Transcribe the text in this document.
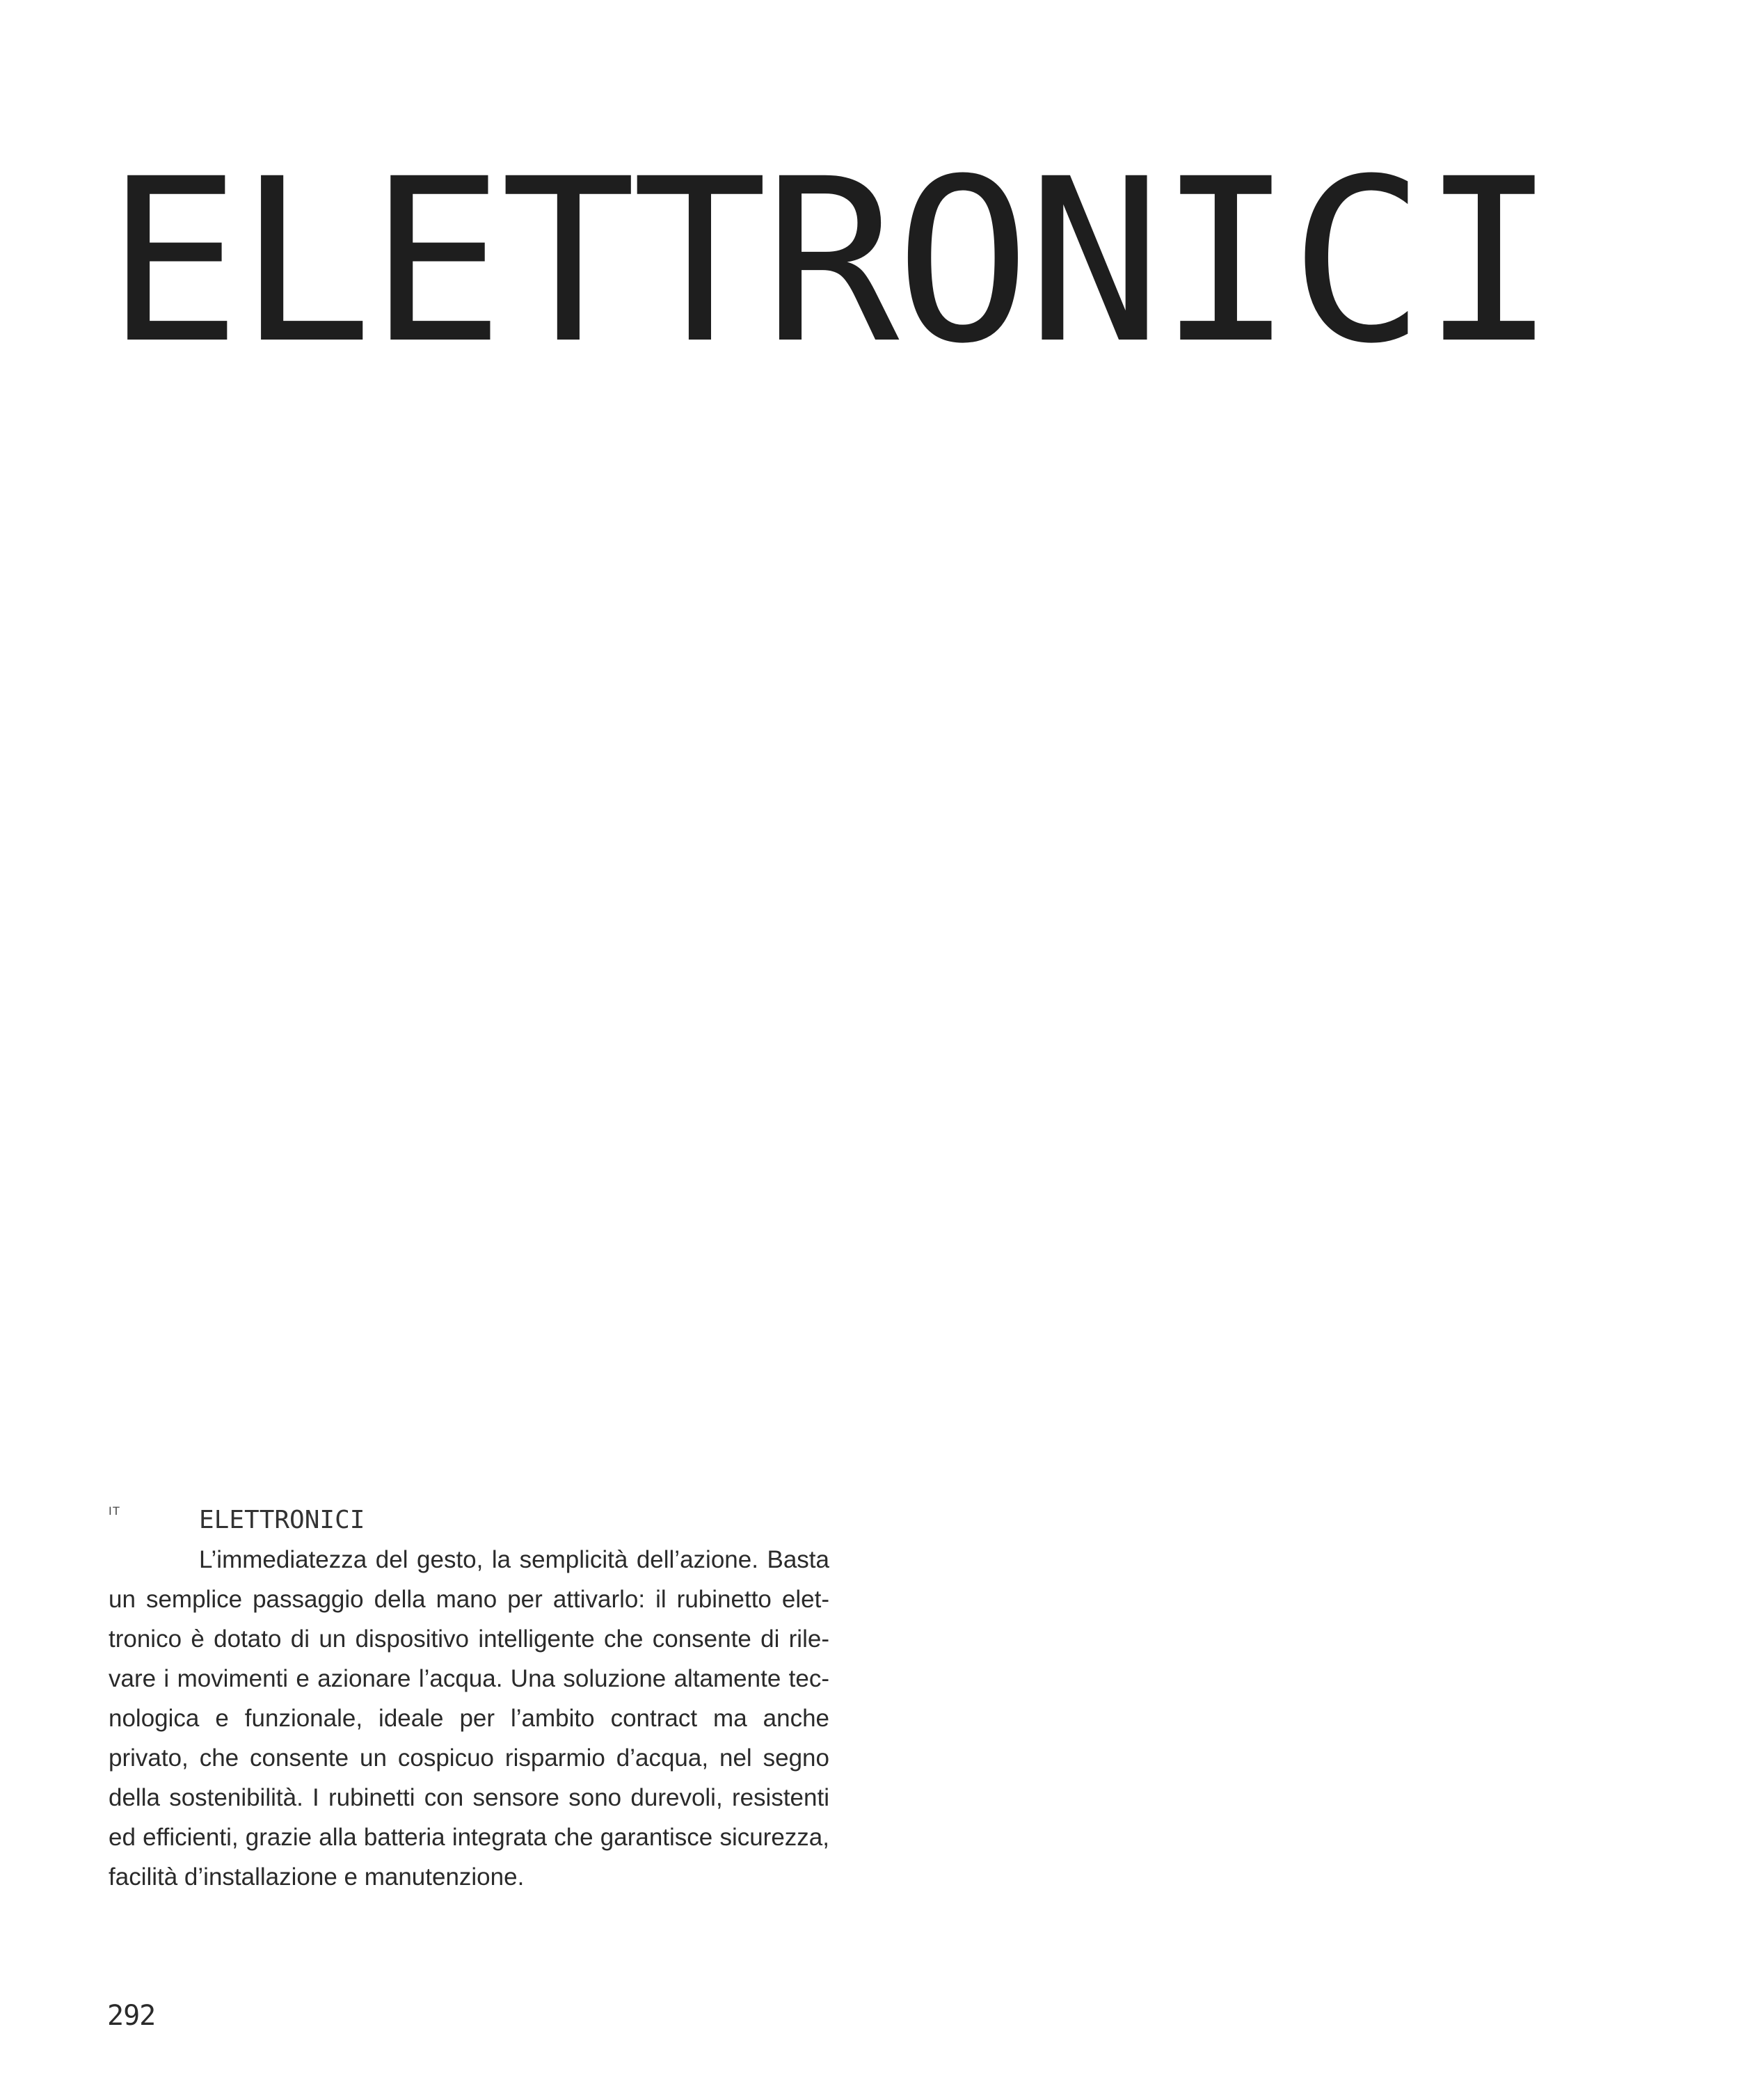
ELETTRONICI
IT	ELETTRONICI

L’immediatezza del gesto, la semplicità dell’azione. Basta un semplice passaggio della mano per attivarlo: il rubinetto elettronico è dotato di un dispositivo intelligente che consente di rilevare i movimenti e azionare l’acqua. Una soluzione altamente tecnologica e funzionale, ideale per l’ambito contract ma anche privato, che consente un cospicuo risparmio d’acqua, nel segno della sostenibilità. I rubinetti con sensore sono durevoli, resistenti ed efficienti, grazie alla batteria integrata che garantisce sicurezza, facilità d’installazione e manutenzione.

292
